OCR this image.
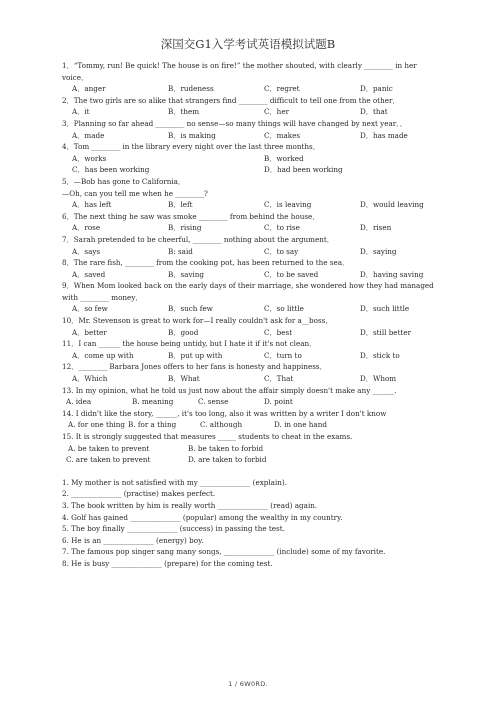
深国交G1入学考试英语模拟试题B

1．“Tommy, run! Be quick! The house is on fire!” the mother shouted, with clearly ________ in her voice．

A．anger	B．rudeness	C．regret	D．panic

2．The two girls are so alike that strangers find ________ difficult to tell one from the other．

A．it	B．them	C．her	D．that

3．Planning so far ahead ________ no sense—so many things will have changed by next year．．

A．made	B．is making	C．makes	D．has made

4．Tom ________ in the library every night over the last three months．

A．works	B．worked
C．has been working	D．had been working

5．—Bob has gone to California．

—Oh, can you tell me when he ________?

A．has left	B．left	C．is leaving	D．would leaving

6．The next thing he saw was smoke ________ from behind the house．

A．rose	B．rising	C．to rise	D．risen

7．Sarah pretended to be cheerful, ________ nothing about the argument．

A．says	B: said	C．to say	D．saying

8．The rare fish, ________ from the cooking pot, has been returned to the sea．

A．saved	B．saving	C．to be saved	D．having saving

9．When Mom looked back on the early days of their marriage, she wondered how they had managed with ________ money．

A．so few	B．such few	C．so little	D．such little

10．Mr. Stevenson is great to work for—I really couldn't ask for a__boss．

A．better	B．good	C．best	D．still better

11．I can ______ the house being untidy, but I hate it if it's not clean．

A．come up with	B．put up with	C．turn to	D．stick to

12．________ Barbara Jones offers to her fans is honesty and happiness．

A．Which	B．What	C．That	D．Whom

13. In my opinion, what he told us just now about the affair simply doesn't make any ______.

A. idea	B. meaning	C. sense	D. point

14. I didn't like the story, ______, it's too long, also it was written by a writer I don't know

A. for one thing B. for a thing	C. although	D. in one hand

15. It is strongly suggested that measures _____ students to cheat in the exams.

A. be taken to prevent	B. be taken to forbid
C. are taken to prevent	D. are taken to forbid

1. My mother is not satisfied with my ______________ (explain).

2. ______________ (practise) makes perfect.

3. The book written by him is really worth ______________ (read) again.

4. Golf has gained ______________ (popular) among the wealthy in my country.

5. The boy finally ______________ (success) in passing the test.

6. He is an ______________ (energy) boy.

7. The famous pop singer sang many songs, ______________ (include) some of my favorite.

8. He is busy ______________ (prepare) for the coming test.

1 / 6W0RD.
